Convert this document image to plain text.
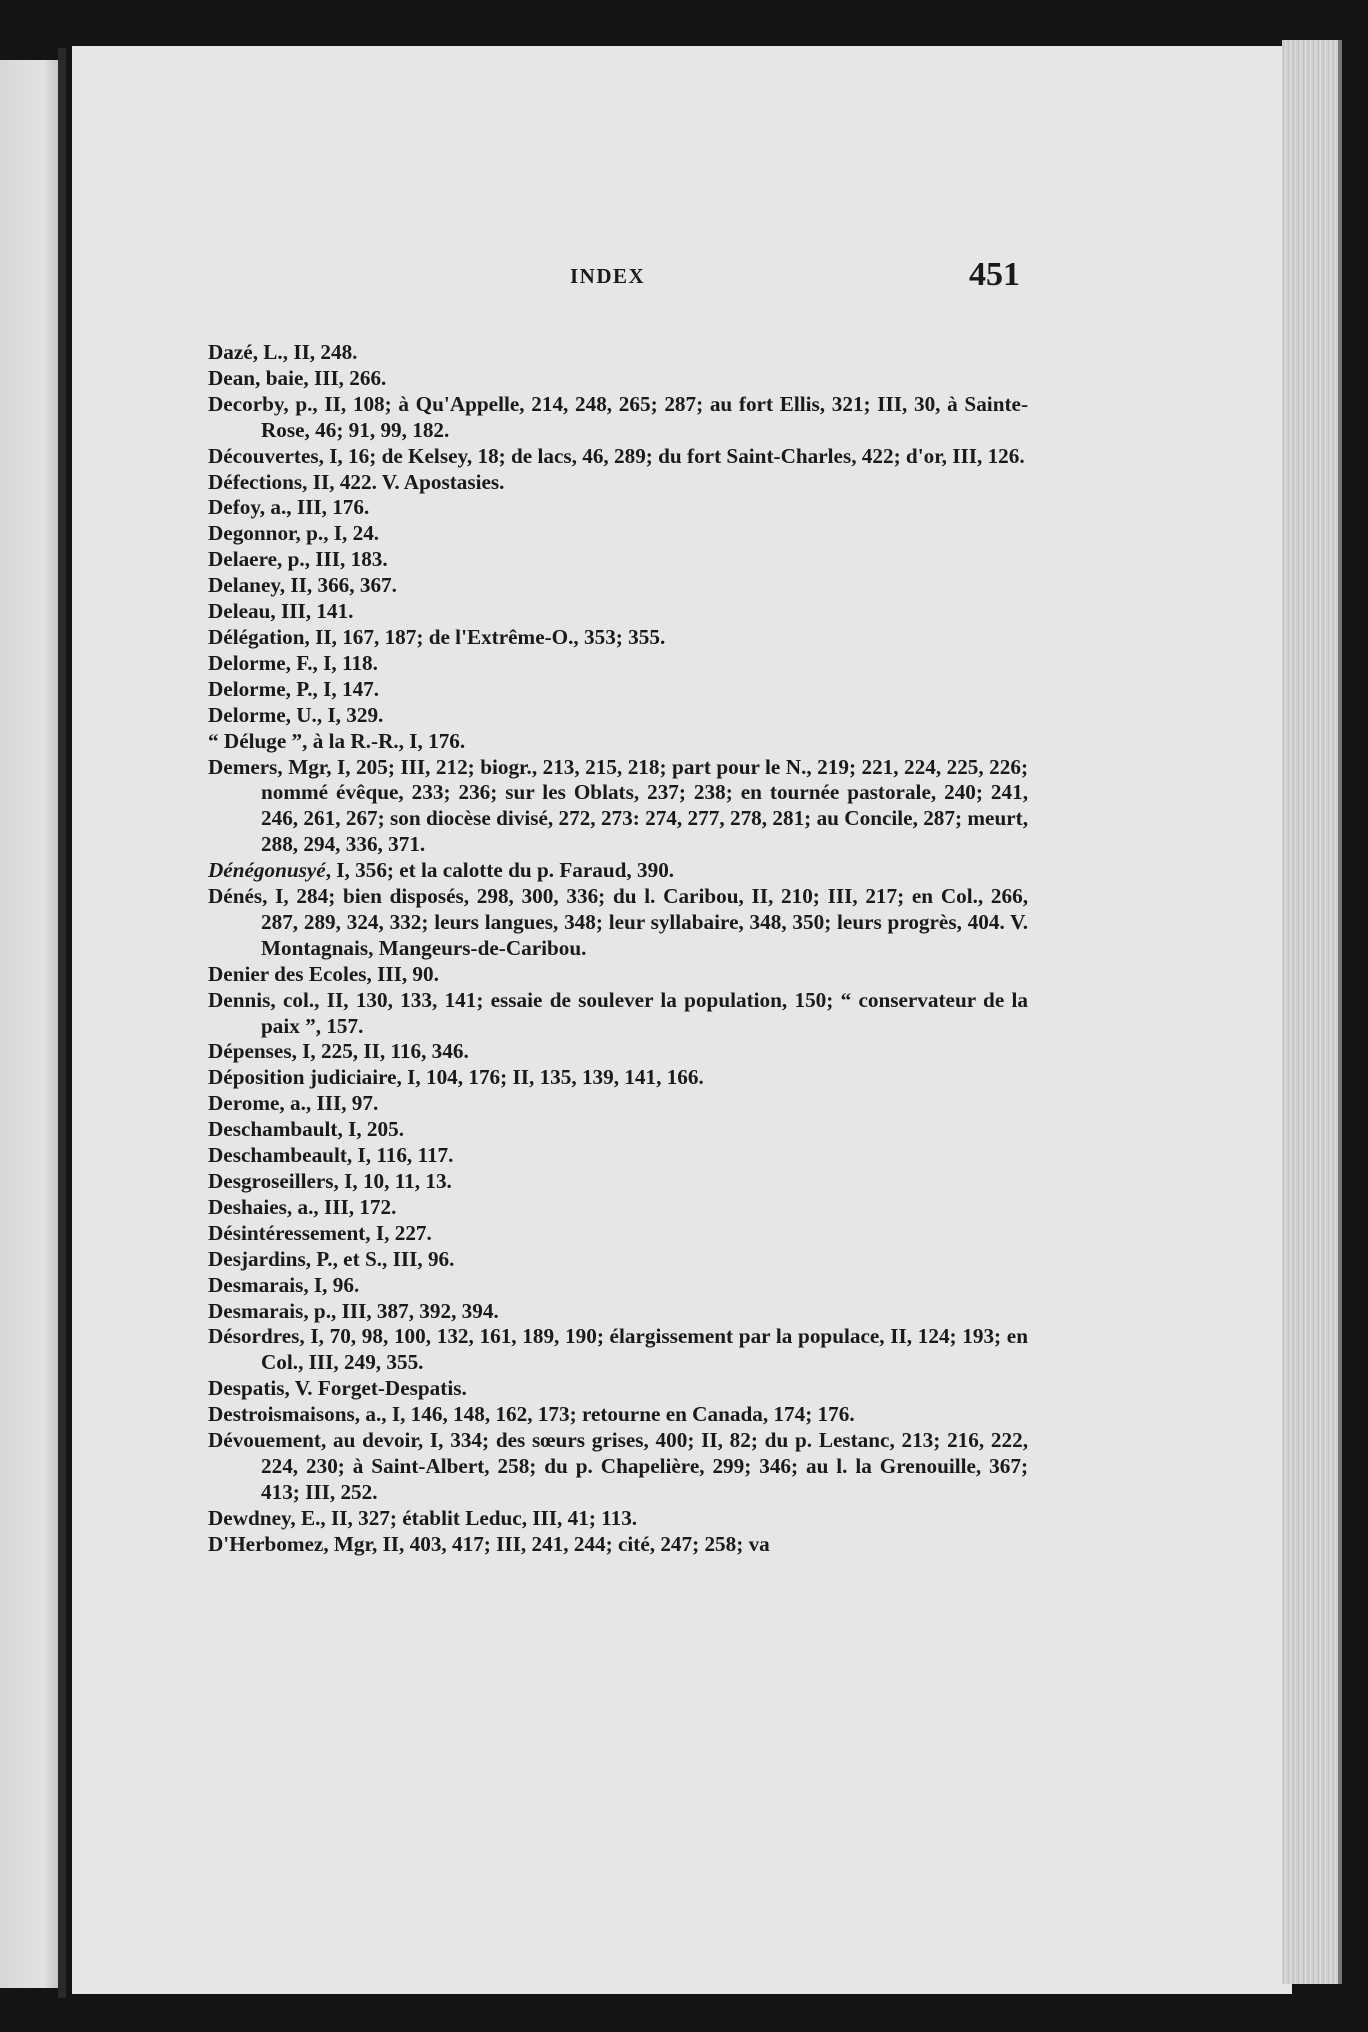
INDEX	451

Dazé, L., II, 248.

Dean, baie, III, 266.

Decorby, p., II, 108; à Qu'Appelle, 214, 248, 265; 287; au fort Ellis, 321; III, 30, à Sainte-Rose, 46; 91, 99, 182.

Découvertes, I, 16; de Kelsey, 18; de lacs, 46, 289; du fort Saint-Charles, 422; d'or, III, 126.

Défections, II, 422. V. Apostasies.

Defoy, a., III, 176.

Degonnor, p., I, 24.

Delaere, p., III, 183.

Delaney, II, 366, 367.

Deleau, III, 141.

Délégation, II, 167, 187; de l'Extrême-O., 353; 355.

Delorme, F., I, 118.

Delorme, P., I, 147.

Delorme, U., I, 329.

“ Déluge ”, à la R.-R., I, 176.

Demers, Mgr, I, 205; III, 212; biogr., 213, 215, 218; part pour le N., 219; 221, 224, 225, 226; nommé évêque, 233; 236; sur les Oblats, 237; 238; en tournée pastorale, 240; 241, 246, 261, 267; son diocèse divisé, 272, 273: 274, 277, 278, 281; au Concile, 287; meurt, 288, 294, 336, 371.

Dénégonusyé, I, 356; et la calotte du p. Faraud, 390.

Dénés, I, 284; bien disposés, 298, 300, 336; du l. Caribou, II, 210; III, 217; en Col., 266, 287, 289, 324, 332; leurs langues, 348; leur syllabaire, 348, 350; leurs progrès, 404. V. Montagnais, Mangeurs-de-Caribou.

Denier des Ecoles, III, 90.

Dennis, col., II, 130, 133, 141; essaie de soulever la population, 150; “ conservateur de la paix ”, 157.

Dépenses, I, 225, II, 116, 346.

Déposition judiciaire, I, 104, 176; II, 135, 139, 141, 166.

Derome, a., III, 97.

Deschambault, I, 205.

Deschambeault, I, 116, 117.

Desgroseillers, I, 10, 11, 13.

Deshaies, a., III, 172.

Désintéressement, I, 227.

Desjardins, P., et S., III, 96.

Desmarais, I, 96.

Desmarais, p., III, 387, 392, 394.

Désordres, I, 70, 98, 100, 132, 161, 189, 190; élargissement par la populace, II, 124; 193; en Col., III, 249, 355.

Despatis, V. Forget-Despatis.

Destroismaisons, a., I, 146, 148, 162, 173; retourne en Canada, 174; 176.

Dévouement, au devoir, I, 334; des sœurs grises, 400; II, 82; du p. Lestanc, 213; 216, 222, 224, 230; à Saint-Albert, 258; du p. Chapelière, 299; 346; au l. la Grenouille, 367; 413; III, 252.

Dewdney, E., II, 327; établit Leduc, III, 41; 113.

D'Herbomez, Mgr, II, 403, 417; III, 241, 244; cité, 247; 258; va
